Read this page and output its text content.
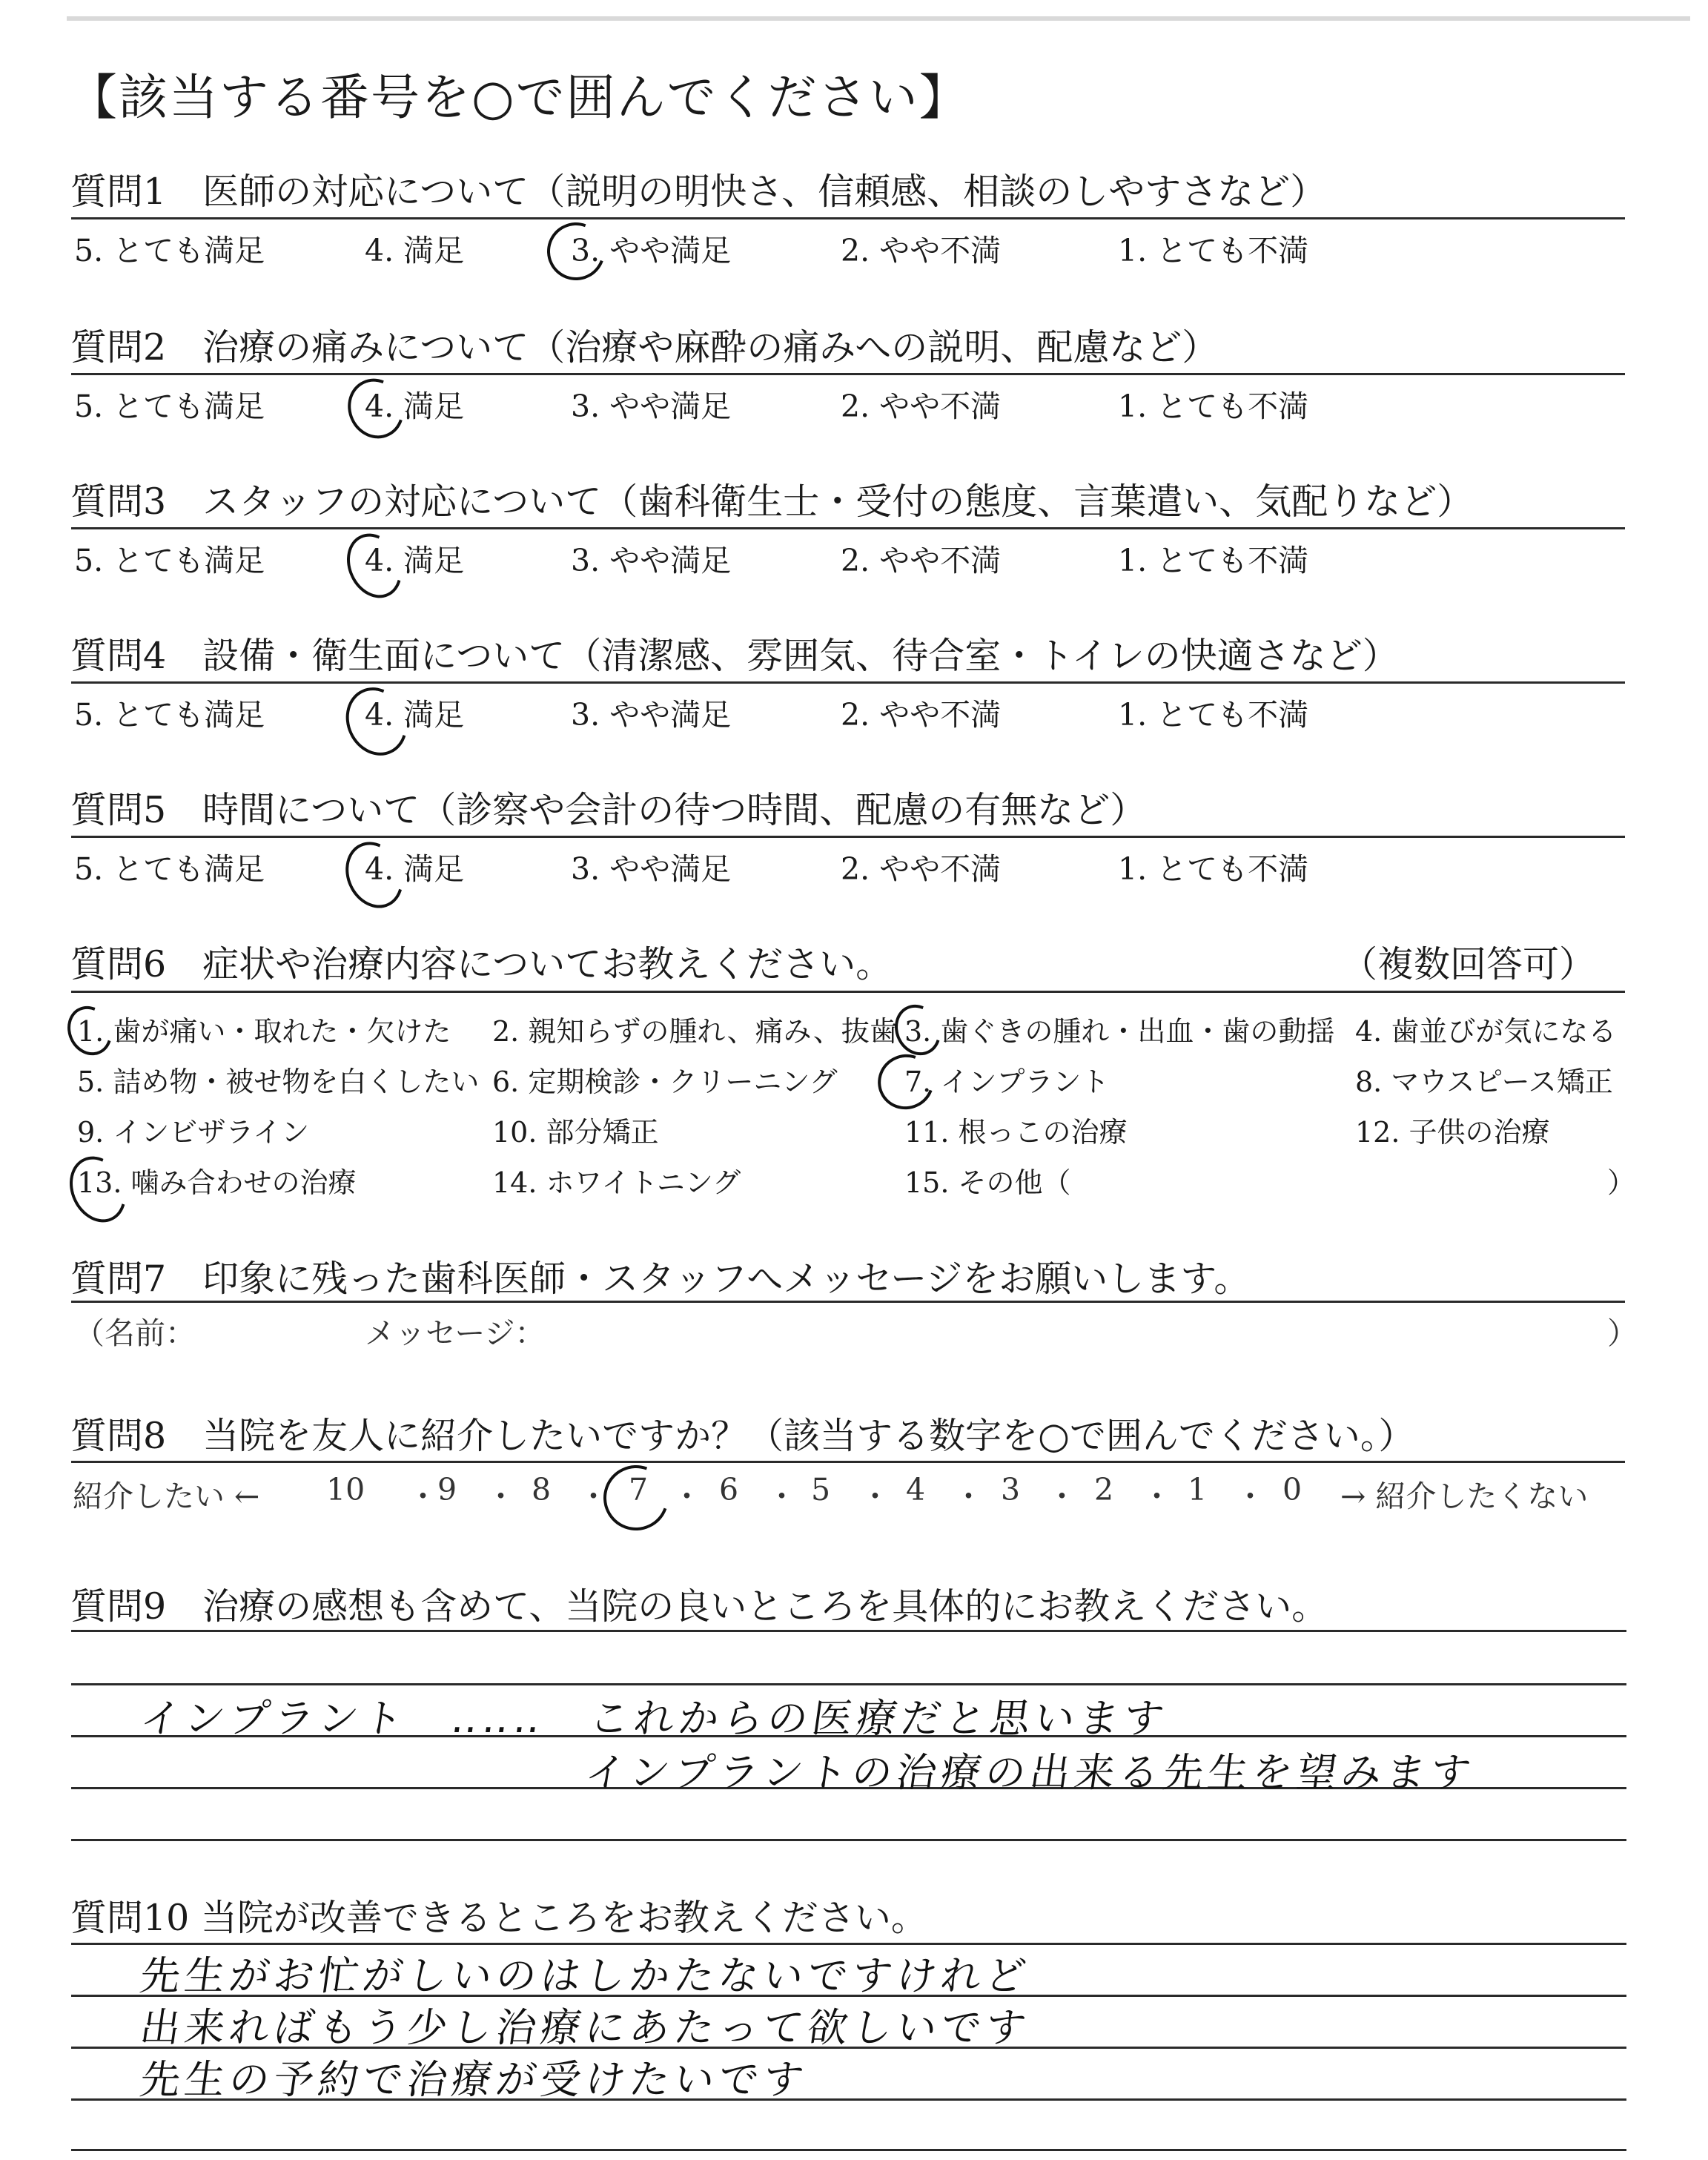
【該当する番号を○で囲んでください】
質問1　医師の対応について（説明の明快さ、信頼感、相談のしやすさなど）
5. とても満足	4. 満足	3. やや満足	2. やや不満	1. とても不満
質問2　治療の痛みについて（治療や麻酔の痛みへの説明、配慮など）
5. とても満足	4. 満足	3. やや満足	2. やや不満	1. とても不満
質問3　スタッフの対応について（歯科衛生士・受付の態度、言葉遣い、気配りなど）
5. とても満足	4. 満足	3. やや満足	2. やや不満	1. とても不満
質問4　設備・衛生面について（清潔感、雰囲気、待合室・トイレの快適さなど）
5. とても満足	4. 満足	3. やや満足	2. やや不満	1. とても不満
質問5　時間について（診察や会計の待つ時間、配慮の有無など）
5. とても満足	4. 満足	3. やや満足	2. やや不満	1. とても不満
質問6　症状や治療内容についてお教えください。	（複数回答可）
1. 歯が痛い・取れた・欠けた 2. 親知らずの腫れ、痛み、抜歯 3. 歯ぐきの腫れ・出血・歯の動揺 4. 歯並びが気になる
5. 詰め物・被せ物を白くしたい 6. 定期検診・クリーニング 7. インプラント	8. マウスピース矯正
9. インビザライン	10. 部分矯正	11. 根っこの治療	12. 子供の治療
13. 噛み合わせの治療	14. ホワイトニング	15. その他（	）
質問7　印象に残った歯科医師・スタッフへメッセージをお願いします。
（名前：	メッセージ：	）
質問8　当院を友人に紹介したいですか？（該当する数字を○で囲んでください。）
紹介したい ← 10 ・ 9 ・ 8 ・ 7 ・ 6 ・ 5 ・ 4 ・ 3 ・ 2 ・ 1 ・ 0 → 紹介したくない
質問9　治療の感想も含めて、当院の良いところを具体的にお教えください。
インプラント　‥‥‥　これからの医療だと思います
インプラントの治療の出来る先生を望みます
質問10 当院が改善できるところをお教えください。
先生がお忙がしいのはしかたないですけれど
出来ればもう少し治療にあたって欲しいです
先生の予約で治療が受けたいです
